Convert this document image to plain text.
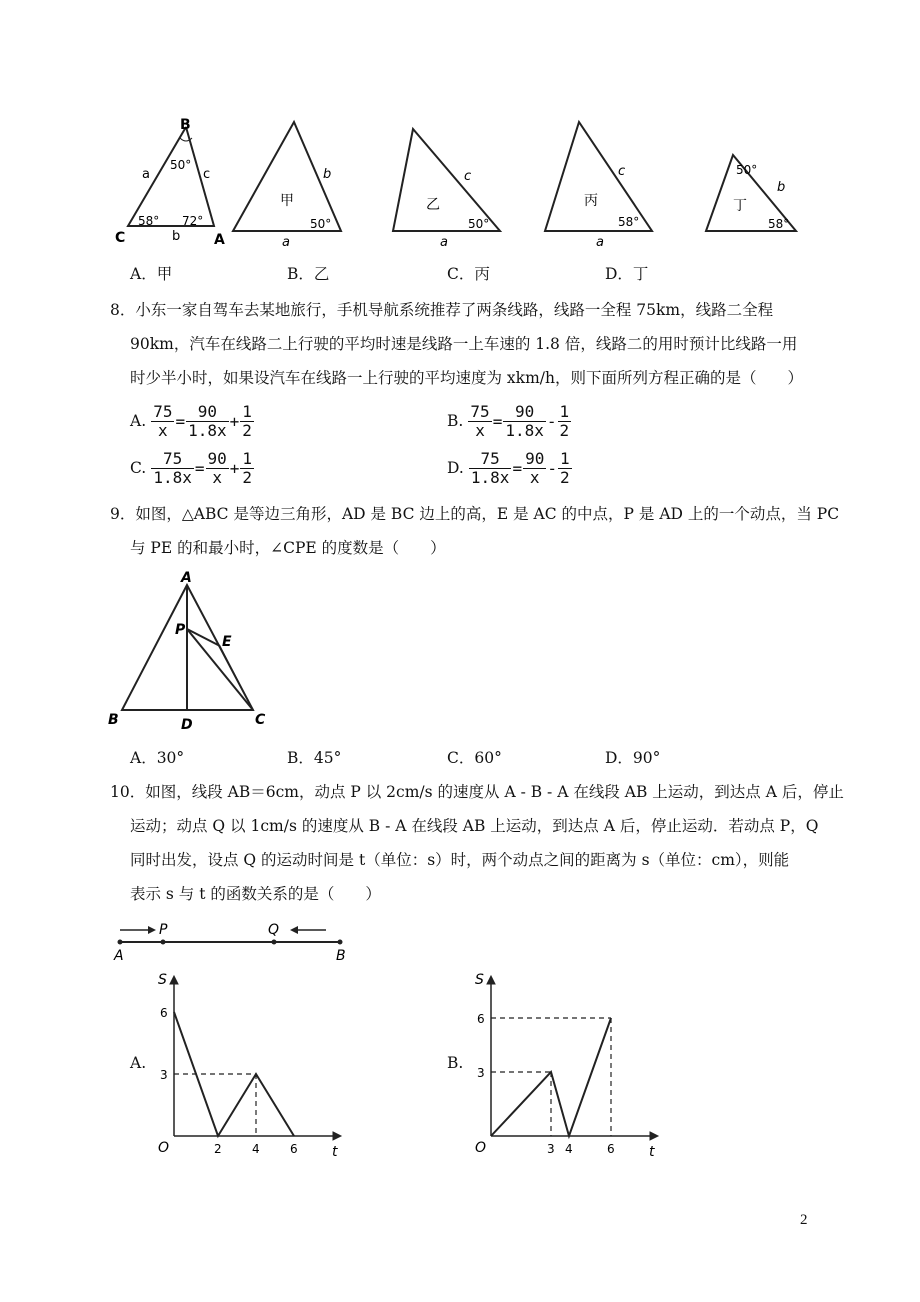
B
C	A
a	c
b
50°
58° 72°
甲
b
a
50°
乙
c
a
50°
丙
c
a
58°
丁
b
50°
58°
A．甲	B．乙	C．丙	D．丁
8．小东一家自驾车去某地旅行，手机导航系统推荐了两条线路，线路一全程 75km，线路二全程
90km，汽车在线路二上行驶的平均时速是线路一上车速的 1.8 倍，线路二的用时预计比线路一用
时少半小时，如果设汽车在线路一上行驶的平均速度为 xkm/h，则下面所列方程正确的是（　　）
A. $\frac{75}{x} = \frac{90}{1.8x} + \frac{1}{2}$	B. $\frac{75}{x} = \frac{90}{1.8x} - \frac{1}{2}$
C. $\frac{75}{1.8x} = \frac{90}{x} + \frac{1}{2}$	D. $\frac{75}{1.8x} = \frac{90}{x} - \frac{1}{2}$
9．如图，△ABC 是等边三角形，AD 是 BC 边上的高，E 是 AC 的中点，P 是 AD 上的一个动点，当 PC
与 PE 的和最小时，∠CPE 的度数是（　　）
A
B	C
D
P
E
A．30°	B．45°	C．60°	D．90°
10．如图，线段 AB＝6cm，动点 P 以 2cm/s 的速度从 A - B - A 在线段 AB 上运动，到达点 A 后，停止
运动；动点 Q 以 1cm/s 的速度从 B - A 在线段 AB 上运动，到达点 A 后，停止运动．若动点 P，Q
同时出发，设点 Q 的运动时间是 t（单位：s）时，两个动点之间的距离为 s（单位：cm），则能
表示 s 与 t 的函数关系的是（　　）
A	B
P	Q
A.
S
O	t
6
3
2	4	6
B.
S
O	t
6
3
3 4	6
2
